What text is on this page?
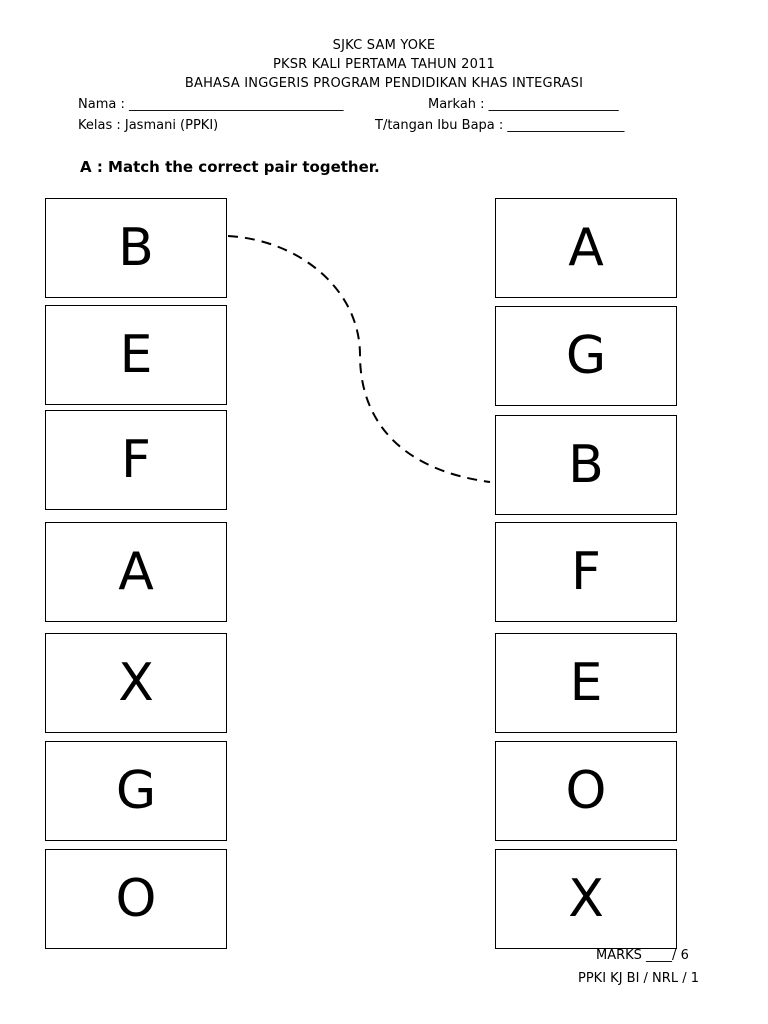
SJKC SAM YOKE
PKSR KALI PERTAMA TAHUN 2011
BAHASA INGGERIS PROGRAM PENDIDIKAN KHAS INTEGRASI
Nama : _________________________________	Markah : ____________________
Kelas : Jasmani (PPKI)	T/tangan Ibu Bapa : __________________
A : Match the correct pair together.
B
E
F
A
X
G
O
A
G
B
F
E
O
X
MARKS ____/ 6
PPKI KJ BI / NRL / 1
